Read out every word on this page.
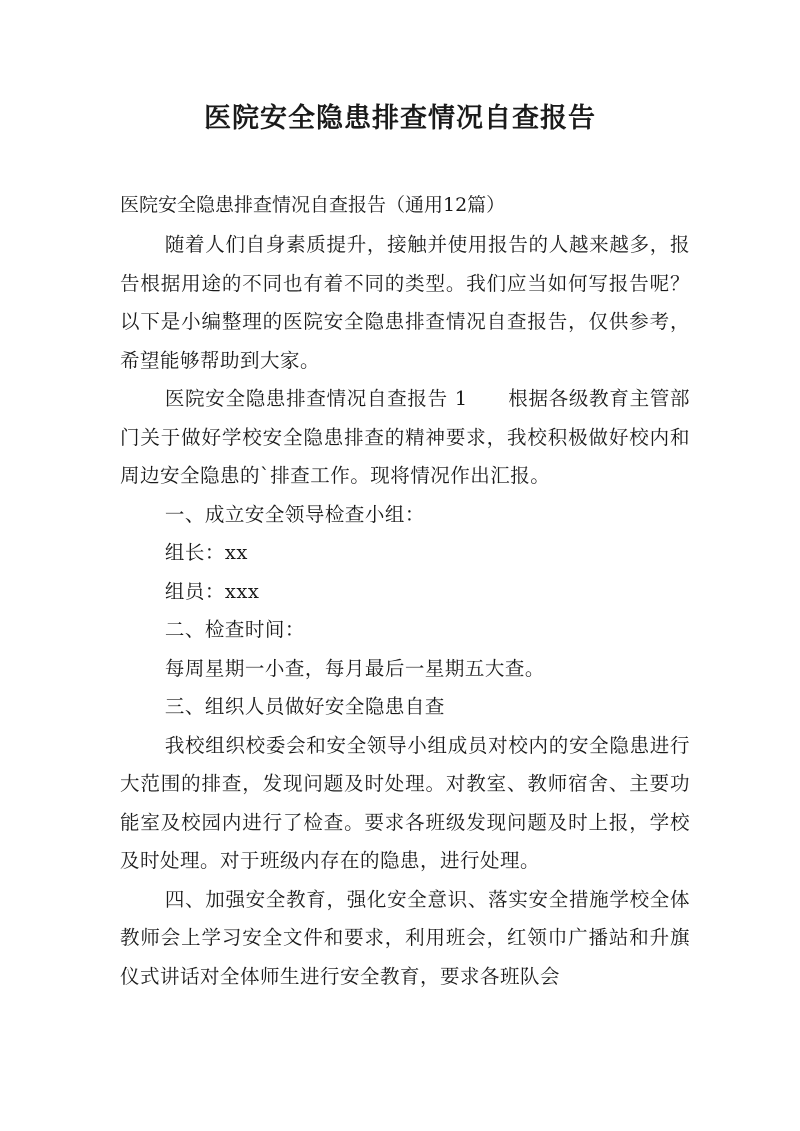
医院安全隐患排查情况自查报告

医院安全隐患排查情况自查报告（通用12篇）

随着人们自身素质提升，接触并使用报告的人越来越多，报告根据用途的不同也有着不同的类型。我们应当如何写报告呢？以下是小编整理的医院安全隐患排查情况自查报告，仅供参考，希望能够帮助到大家。

医院安全隐患排查情况自查报告 1　　根据各级教育主管部门关于做好学校安全隐患排查的精神要求，我校积极做好校内和周边安全隐患的`排查工作。现将情况作出汇报。

一、成立安全领导检查小组：

组长：xx

组员：xxx

二、检查时间：

每周星期一小查，每月最后一星期五大查。

三、组织人员做好安全隐患自查

我校组织校委会和安全领导小组成员对校内的安全隐患进行大范围的排查，发现问题及时处理。对教室、教师宿舍、主要功能室及校园内进行了检查。要求各班级发现问题及时上报，学校及时处理。对于班级内存在的隐患，进行处理。

四、加强安全教育，强化安全意识、落实安全措施学校全体教师会上学习安全文件和要求，利用班会，红领巾广播站和升旗仪式讲话对全体师生进行安全教育，要求各班队会
